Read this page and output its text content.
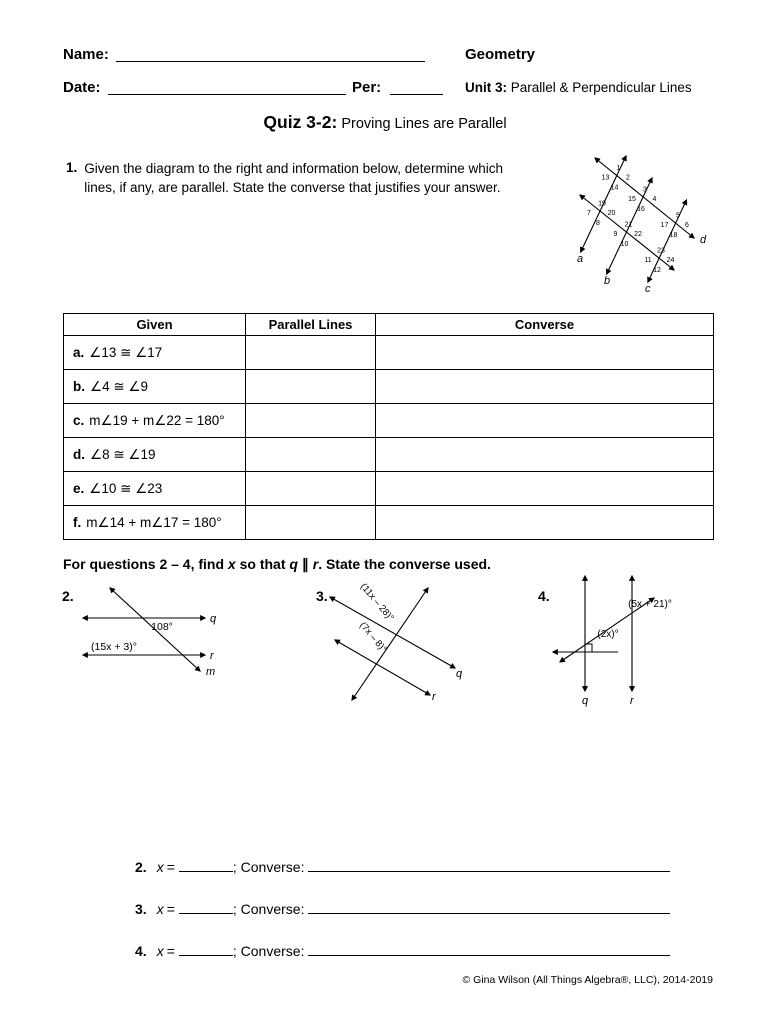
Name:	Geometry
Date:	Per:	Unit 3: Parallel & Perpendicular Lines
Quiz 3-2: Proving Lines are Parallel
1. Given the diagram to the right and information below, determine which lines, if any, are parallel. State the converse that justifies your answer.
a
b
c
d
1
2
13
14
19
20
7
8
3
4
15
16
5
6
17
18
21
22
9
10
23
24
11
12
Given	Parallel Lines	Converse
a. ∠13 ≅ ∠17		
b. ∠4 ≅ ∠9		
c. m∠19 + m∠22 = 180°		
d. ∠8 ≅ ∠19		
e. ∠10 ≅ ∠23		
f. m∠14 + m∠17 = 180°		
For questions 2 – 4, find x so that q ∥ r. State the converse used.
2.
108°
(15x + 3)°
q
r
m
3.	(11x – 28)°
(7x – 8)°
q
r
4.
(2x)°
(5x + 21)°
q	r
2. x =	; Converse:
3. x =	; Converse:
4. x =	; Converse:
© Gina Wilson (All Things Algebra®, LLC), 2014-2019
